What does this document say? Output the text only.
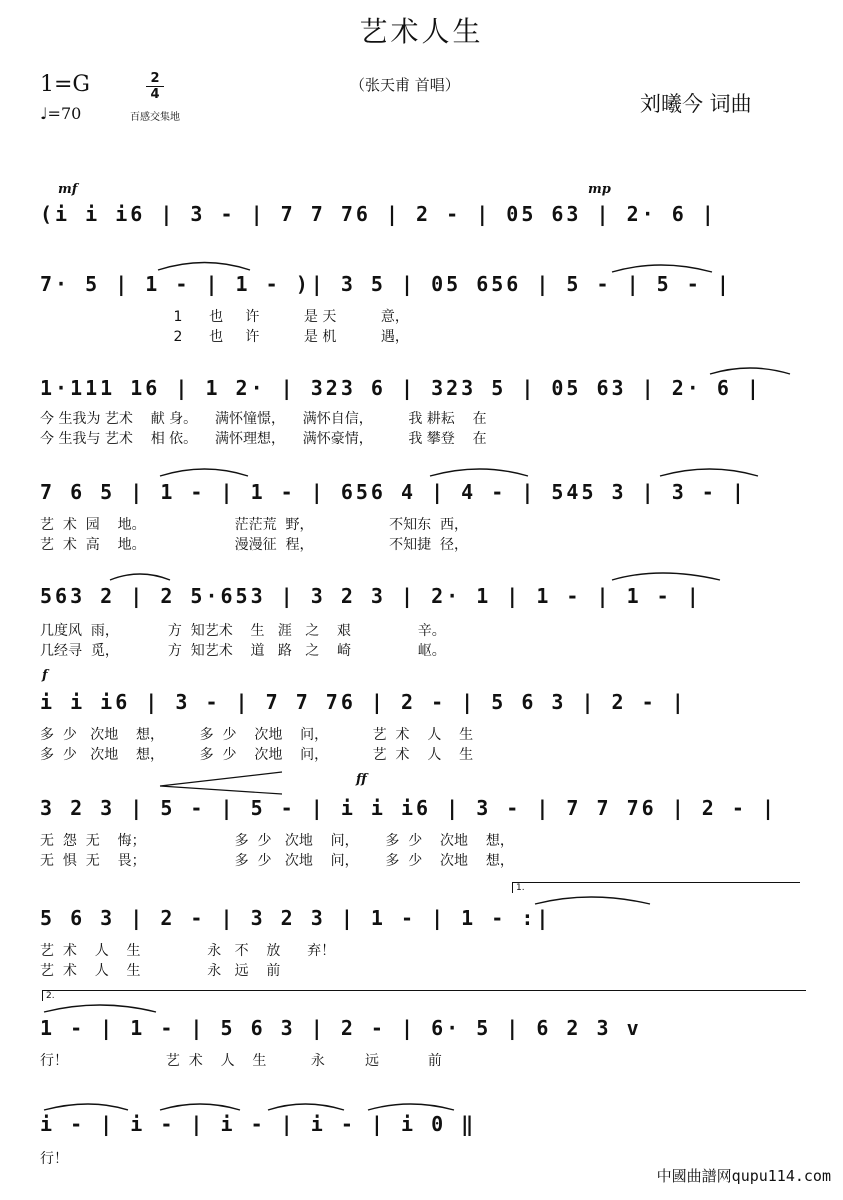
艺术人生
1=G
♩=70
2
4
百感交集地
（张天甫 首唱）
刘曦今 词曲
mf	mp
(i i i6 | 3 - | 7 7 76 | 2 - | 05 63 | 2· 6 |
7· 5 | 1 - | 1 - )| 3 5 | 05 656 | 5 - | 5 - |
1      也     许          是 天          意，
2      也     许          是 机          遇，
1·111 16 | 1 2· | 323 6 | 323 5 | 05 63 | 2· 6 |
今 生我为 艺术    献 身。    满怀憧憬，    满怀自信，        我 耕耘    在
今 生我与 艺术    相 依。    满怀理想，    满怀豪情，        我 攀登    在
7 6 5 | 1 - | 1 - | 656 4 | 4 - | 545 3 | 3 - |
艺  术  园    地。                    茫茫荒  野，                 不知东  西，
艺  术  高    地。                    漫漫征  程，                 不知捷  径，
563 2 | 2 5·653 | 3 2 3 | 2· 1 | 1 - | 1 - |
几度风  雨，           方  知艺术    生   涯   之    艰               辛。
几经寻  觅，           方  知艺术    道   路   之    崎               岖。
f
i i i6 | 3 - | 7 7 76 | 2 - | 5 6 3 | 2 - |
多  少   次地    想，        多  少    次地    问，          艺  术    人    生
多  少   次地    想，        多  少    次地    问，          艺  术    人    生
ff
3 2 3 | 5 - | 5 - | i i i6 | 3 - | 7 7 76 | 2 - |
无  怨  无    悔；                    多  少   次地    问，      多  少    次地    想，
无  惧  无    畏；                    多  少   次地    问，      多  少    次地    想，
1.
5 6 3 | 2 - | 3 2 3 | 1 - | 1 - :|
艺  术    人    生               永   不    放      弃！
艺  术    人    生               永   远    前
2.
1 - | 1 - | 5 6 3 | 2 - | 6· 5 | 6 2 3 v
行！                      艺  术    人    生          永         远           前
i - | i - | i - | i - | i 0 ‖
行！
中國曲譜网qupu114.com
